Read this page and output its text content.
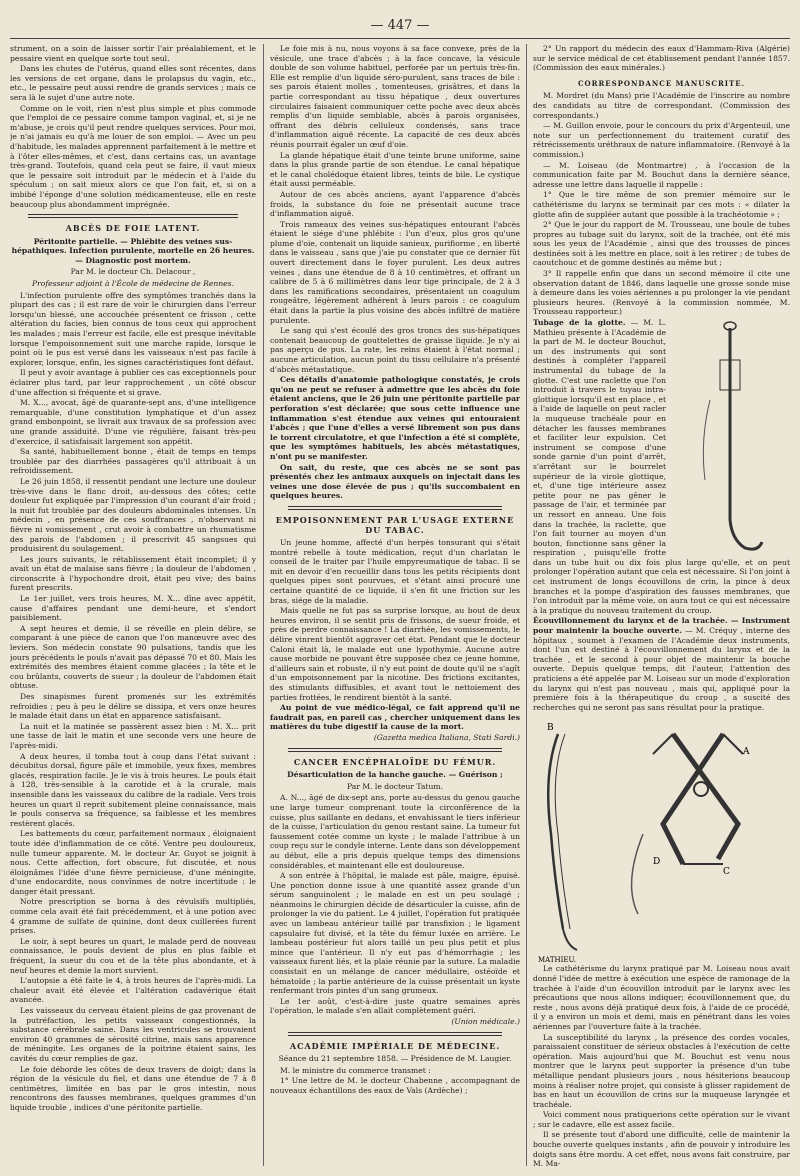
— 447 —

strument, on a soin de laisser sortir l'air préalablement, et le pessaire vient en quelque sorte tout seul.

Dans les chutes de l'utérus, quand elles sont récentes, dans les versions de cet organe, dans le prolapsus du vagin, etc., etc., le pessaire peut aussi rendre de grands services ; mais ce sera là le sujet d'une autre note.

Comme on le voit, rien n'est plus simple et plus commode que l'emploi de ce pessaire comme tampon vaginal, et, si je ne m'abuse, je crois qu'il peut rendre quelques services. Pour moi, je n'ai jamais eu qu'à me louer de son emploi. — Avec un peu d'habitude, les malades apprennent parfaitement à le mettre et à l'ôter elles-mêmes, et c'est, dans certains cas, un avantage très-grand. Toutefois, quand cela peut se faire, il vaut mieux que le pessaire soit introduit par le médecin et à l'aide du spéculum ; on sait mieux alors ce que l'on fait, et, si on a imbibé l'éponge d'une solution médicamenteuse, elle en reste beaucoup plus abondamment imprégnée.

ABCÈS DE FOIE LATENT.
Péritonite partielle. — Phlébite des veines sus-hépathiques. Infection purulente, mortelle en 26 heures. — Diagnostic post mortem.
Par M. le docteur Ch. Delacour ,
Professeur adjoint à l'École de médecine de Rennes.

L'infection purulente offre des symptômes tranchés dans la plupart des cas ; il est rare de voir le chirurgien dans l'erreur lorsqu'un blessé, une accouchée présentent ce frisson , cette altération du facies, bien connus de tous ceux qui approchent les malades ; mais l'erreur est facile, elle est presque inévitable lorsque l'empoisonnement suit une marche rapide, lorsque le point où le pus est versé dans les vaisseaux n'est pas facile à explorer, lorsque, enfin, les signes caractéristiques font défaut.

Il peut y avoir avantage à publier ces cas exceptionnels pour éclairer plus tard, par leur rapprochement , un côté obscur d'une affection si fréquente et si grave.

M. X..., avocat, âgé de quarante-sept ans, d'une intelligence remarquable, d'une constitution lymphatique et d'un assez grand embonpoint, se livrait aux travaux de sa profession avec une grande assiduité. D'une vie régulière, faisant très-peu d'exercice, il satisfaisait largement son appétit.

Sa santé, habituellement bonne , était de temps en temps troublée par des diarrhées passagères qu'il attribuait à un refroidissement.

Le 26 juin 1858, il ressentit pendant une lecture une douleur très-vive dans le flanc droit, au-dessous des côtes; cette douleur fut expliquée par l'impression d'un courant d'air froid ; la nuit fut troublée par des douleurs abdominales intenses. Un médecin , en présence de ces souffrances , n'observant ni fièvre ni vomissement , crut avoir à combattre un rhumatisme des parois de l'abdomen ; il prescrivit 45 sangsues qui produisirent du soulagement.

Les jours suivants, le rétablissement était incomplet; il y avait un état de malaise sans fièvre ; la douleur de l'abdomen , circonscrite à l'hypochondre droit, était peu vive; des bains furent prescrits.

Le 1er juillet, vers trois heures, M. X... dîne avec appétit, cause d'affaires pendant une demi-heure, et s'endort paisiblement.

A sept heures et demie, il se réveille en plein délire, se comparant à une pièce de canon que l'on manœuvre avec des leviers. Son médecin constate 90 pulsations, tandis que les jours précédents le pouls n'avait pas dépassé 70 et 80. Mais les extrémités des membres étaient comme glacées ; la tête et le cou brûlants, couverts de sueur ; la douleur de l'abdomen était obtuse.

Des sinapismes furent promenés sur les extrémités refroidies ; peu à peu le délire se dissipa, et vers onze heures le malade était dans un état en apparence satisfaisant.

La nuit et la matinée se passèrent assez bien : M. X... prit une tasse de lait le matin et une seconde vers une heure de l'après-midi.

A deux heures, il tomba tout à coup dans l'état suivant : décubitus dorsal, figure pâle et immobile, yeux fixes, membres glacés, respiration facile. Je le vis à trois heures. Le pouls était à 128, très-sensible à la carotide et à la crurale, mais insensible dans les vaisseaux du calibre de la radiale. Vers trois heures un quart il reprit subitement pleine connaissance, mais le pouls conserva sa fréquence, sa faiblesse et les membres restèrent glacés.

Les battements du cœur, parfaitement normaux , éloignaient toute idée d'inflammation de ce côté. Ventre peu douloureux, nulle tumeur apparente. M. le docteur Ar. Guyot se joignit à nous. Cette affection, fort obscure, fut discutée, et nous éloignâmes l'idée d'une fièvre pernicieuse, d'une méningite, d'une endocardite, nous convînmes de notre incertitude : le danger était pressant.

Notre prescription se borna à des révulsifs multipliés, comme cela avait été fait précédemment, et à une potion avec 4 gramme de sulfate de quinine, dont deux cuillerées furent prises.

Le soir, à sept heures un quart, le malade perd de nouveau connaissance, le pouls devient de plus en plus faible et fréquent, la sueur du cou et de la tête plus abondante, et à neuf heures et demie la mort survient.

L'autopsie a été faite le 4, à trois heures de l'après-midi. La chaleur avait été élevée et l'altération cadavérique était avancée.

Les vaisseaux du cerveau étaient pleins de gaz provenant de la putréfaction, les petits vaisseaux congestionnés, la substance cérébrale saine. Dans les ventricules se trouvaient environ 40 grammes de sérosité citrine, mais sans apparence de méningite. Les organes de la poitrine étaient sains, les cavités du cœur remplies de gaz.

Le foie déborde les côtes de deux travers de doigt; dans la région de la vésicule du fiel, et dans une étendue de 7 à 8 centimètres, limitée en bas par le gros intestin, nous rencontrons des fausses membranes, quelques grammes d'un liquide trouble , indices d'une péritonite partielle.

Le foie mis à nu, nous voyons à sa face convexe, près de la vésicule, une trace d'abcès ; à la face concave, la vésicule double de son volume habituel, perforée par un pertuis très-fin. Elle est remplie d'un liquide séro-purulent, sans traces de bile : ses parois étaient molles , tomenteuses, grisâtres, et dans la partie correspondant au tissu hépatique , deux ouvertures circulaires faisaient communiquer cette poche avec deux abcès remplis d'un liquide semblable, abcès à parois organisées, offrant des débris celluleux condensés, sans trace d'inflammation aiguë récente. La capacité de ces deux abcès réunis pourrait égaler un œuf d'oie.

La glande hépatique était d'une teinte brune uniforme, saine dans la plus grande partie de son étendue. Le canal hépatique et le canal cholédoque étaient libres, teints de bile. Le cystique était aussi perméable.

Autour de ces abcès anciens, ayant l'apparence d'abcès froids, la substance du foie ne présentait aucune trace d'inflammation aiguë.

Trois rameaux des veines sus-hépatiques entourant l'abcès étaient le siége d'une phlébite : l'un d'eux, plus gros qu'une plume d'oie, contenait un liquide sanieux, purifiorme , en liberté dans le vaisseau , sans que j'aie pu constater que ce dernier fût ouvert directement dans le foyer purulent. Les deux autres veines , dans une étendue de 8 à 10 centimètres, et offrant un calibre de 5 à 6 millimètres dans leur tige principale, de 2 à 3 dans les ramifications secondaires, présentaient un coagulum rougeâtre, légèrement adhérent à leurs parois : ce coagulum était dans la partie la plus voisine des abcès infiltré de matière purulente.

Le sang qui s'est écoulé des gros troncs des sus-hépatiques contenait beaucoup de gouttelettes de graisse liquide. Je n'y ai pas aperçu de pus. La rate, les reins étaient à l'état normal ; aucune articulation, aucun point du tissu cellulaire n'a présenté d'abcès métastatique.

Ces détails d'anatomie pathologique constatés, je crois qu'on ne peut se refuser à admettre que les abcès du foie étaient anciens, que le 26 juin une péritonite partielle par perforation s'est déclarée; que sous cette influence une inflammation s'est étendue aux veines qui entouraient l'abcès ; que l'une d'elles a versé librement son pus dans le torrent circulatoire, et que l'infection a été si complète, que les symptômes habituels, les abcès métastatiques, n'ont pu se manifester.

On sait, du reste, que ces abcès ne se sont pas présentés chez les animaux auxquels on injectait dans les veines une dose élevée de pus ; qu'ils succombaient en quelques heures.

EMPOISONNEMENT PAR L'USAGE EXTERNE DU TABAC.

Un jeune homme, affecté d'un herpès tonsurant qui s'était montré rebelle à toute médication, reçut d'un charlatan le conseil de le traiter par l'huile empyreumatique de tabac. Il se mit en devoir d'en recueillir dans tous les petits récipients dont quelques pipes sont pourvues, et s'étant ainsi procuré une certaine quantité de ce liquide, il s'en fit une friction sur les bras, siége de la maladie.

Mais quelle ne fut pas sa surprise lorsque, au bout de deux heures environ, il se sentit pris de frissons, de sueur froide, et près de perdre connaissance ! La diarrhée, les vomissements, le délire vinrent bientôt aggraver cet état. Pendant que le docteur Caloni était là, le malade eut une lypothymie. Aucune autre cause morbide ne pouvant être supposée chez ce jeune homme, d'ailleurs sain et robuste, il n'y eut point de doute qu'il ne s'agît d'un empoisonnement par la nicotine. Des frictions excitantes, des stimulants diffusibles, et avant tout le nettoiement des parties frottées, le rendirent bientôt à la santé.

Au point de vue médico-légal, ce fait apprend qu'il ne faudrait pas, en pareil cas , chercher uniquement dans les matières du tube digestif la cause de la mort.

(Gazetta medica Italiana, Stati Sardi.)

CANCER ENCÉPHALOÏDE DU FÉMUR.
Désarticulation de la hanche gauche. — Guérison ;
Par M. le docteur Tatum.

A. N..., âgé de dix-sept ans, porte au-dessus du genou gauche une large tumeur comprenant toute la circonférence de la cuisse, plus saillante en dedans, et envahissant le tiers inférieur de la cuisse, l'articulation du genou restant saine. La tumeur fut faussement cotée comme un kyste ; le malade l'attribue à un coup reçu sur le condyle interne. Lente dans son développement au début, elle a pris depuis quelque temps des dimensions considérables, et maintenant elle est douloureuse.

A son entrée à l'hôpital, le malade est pâle, maigre, épuisé. Une ponction donne issue à une quantité assez grande d'un sérum sanguinolent ; le malade en est un peu soulagé ; néanmoins le chirurgien décide de désarticuler la cuisse, afin de prolonger la vie du patient. Le 4 juillet, l'opération fut pratiquée avec un lambeau antérieur taillé par transfixion ; le ligament capsulaire fut divisé, et la tête du fémur luxée en arrière. Le lambeau postérieur fut alors taillé un peu plus petit et plus mince que l'antérieur. Il n'y eut pas d'hémorrhagie ; les vaisseaux furent liés, et la plaie réunie par la suture. La maladie consistait en un mélange de cancer médullaire, ostéoïde et hématoïde ; la partie antérieure de la cuisse présentait un kyste renfermant trois pintes d'un sang grumeux.

Le 1er août, c'est-à-dire juste quatre semaines après l'opération, le malade s'en allait complètement guéri.

(Union médicale.)

ACADÉMIE IMPÉRIALE DE MÉDECINE.
Séance du 21 septembre 1858. — Présidence de M. Laugier.

M. le ministre du commerce transmet :

1° Une lettre de M. le docteur Chabenne , accompagnant de nouveaux échantillons des eaux de Vals (Ardèche) ;

2° Un rapport du médecin des eaux d'Hammam-Riva (Algérie) sur le service médical de cet établissement pendant l'année 1857. (Commission des eaux minérales.)

CORRESPONDANCE MANUSCRITE.

M. Mordret (du Mans) prie l'Académie de l'inscrire au nombre des candidats au titre de correspondant. (Commission des correspondants.)

— M. Guillon envoie, pour le concours du prix d'Argenteuil, une note sur un perfectionnement du traitement curatif des rétrécissements uréthraux de nature inflammatoire. (Renvoyé à la commission.)

— M. Loiseau (de Montmartre) , à l'occasion de la communication faite par M. Bouchut dans la dernière séance, adresse une lettre dans laquelle il rappelle :

1° Que le tire même de son premier mémoire sur le cathétérisme du larynx se terminait par ces mots : « dilater la glotte afin de suppléer autant que possible à la trachéotomie » ;

2° Que le jour du rapport de M. Trousseau, une boule de tubes propres au tubage suit du larynx, soit de la trachée, ont été mis sous les yeux de l'Académie , ainsi que des trousses de pinces destinées soit à les mettre en place, soit à les retirer ; de tubes de caoutchouc et de gomme destinés au même but ;

3° Il rappelle enfin que dans un second mémoire il cite une observation datant de 1846, dans laquelle une grosse sonde mise à demeure dans les voies aériennes a pu prolonger la vie pendant plusieurs heures. (Renvoyé à la commission nommée, M. Trousseau rapporteur.)

Tubage de la glotte. — M. L. Mathieu présente à l'Académie de la part de M. le docteur Bouchut, un des instruments qui sont destinés à compléter l'appareil instrumental du tubage de la glotte. C'est une raclette que l'on introduit à travers le tuyau intra-glottique lorsqu'il est en place , et à l'aide de laquelle on peut racler la muqueuse trachéale pour en détacher les fausses membranes et faciliter leur expulsion. Cet instrument se compose d'une sonde garnie d'un point d'arrêt, s'arrêtant sur le bourrelet supérieur de la virole glottique, et, d'une tige intérieure assez petite pour ne pas gêner le passage de l'air, et terminée par un ressort en anneau. Une fois dans la trachée, la raclette, que l'on fait tourner au moyen d'un bouton, fonctionne sans gêner la respiration , puisqu'elle frotte dans un tube huit ou dix fois plus large qu'elle, et on peut prolonger l'opération autant que cela est nécessaire. Si l'on joint à cet instrument de longs écouvillons de crin, la pince à deux branches et la pompe d'aspiration des fausses membranes, que l'on introduit par la même voie, on aura tout ce qui est nécessaire à la pratique du nouveau traitement du croup.

Écouvillonnement du larynx et de la trachée. — Instrument pour maintenir la bouche ouverte. — M. Créquy , interne des hôpitaux , soumet à l'examen de l'Académie deux instruments, dont l'un est destiné à l'écouvillonnement du larynx et de la trachée , et le second à pour objet de maintenir la bouche ouverte. Depuis quelque temps, dit l'auteur, l'attention des praticiens a été appelée par M. Loiseau sur un mode d'exploration du larynx qui n'est pas nouveau , mais qui, appliqué pour la première fois à la thérapeutique du croup , a suscité des recherches qui ne seront pas sans résultat pour la pratique.

B
A
D
C
MATHIEU.

Le cathétérisme du larynx pratiqué par M. Loiseau nous avait donné l'idée de mettre à exécution une espèce de ramonage de la trachée à l'aide d'un écouvillon introduit par le larynx avec les précautions que nous allons indiquer; écouvillonnement que, du reste , nous avons déjà pratiqué deux fois, à l'aide de ce procédé, il y a environ un mois et demi, mais en pénétrant dans les voies aériennes par l'ouverture faite à la trachée.

La susceptibilité du larynx , la présence des cordes vocales, paraissaient constituer de sérieux obstacles à l'exécution de cette opération. Mais aujourd'hui que M. Bouchut est venu nous montrer que le larynx peut supporter la présence d'un tube métallique pendant plusieurs jours , nous hésiterions beaucoup moins à réaliser notre projet, qui consiste à glisser rapidement de bas en haut un écouvillon de crins sur la muqueuse laryngée et trachéale.

Voici comment nous pratiquerions cette opération sur le vivant ; sur le cadavre, elle est assez facile.

Il se présente tout d'abord une difficulté, celle de maintenir la bouche ouverte quelques instants , afin de pouvoir y introduire les doigts sans être mordu. A cet effet, nous avons fait construire, par M. Ma-
